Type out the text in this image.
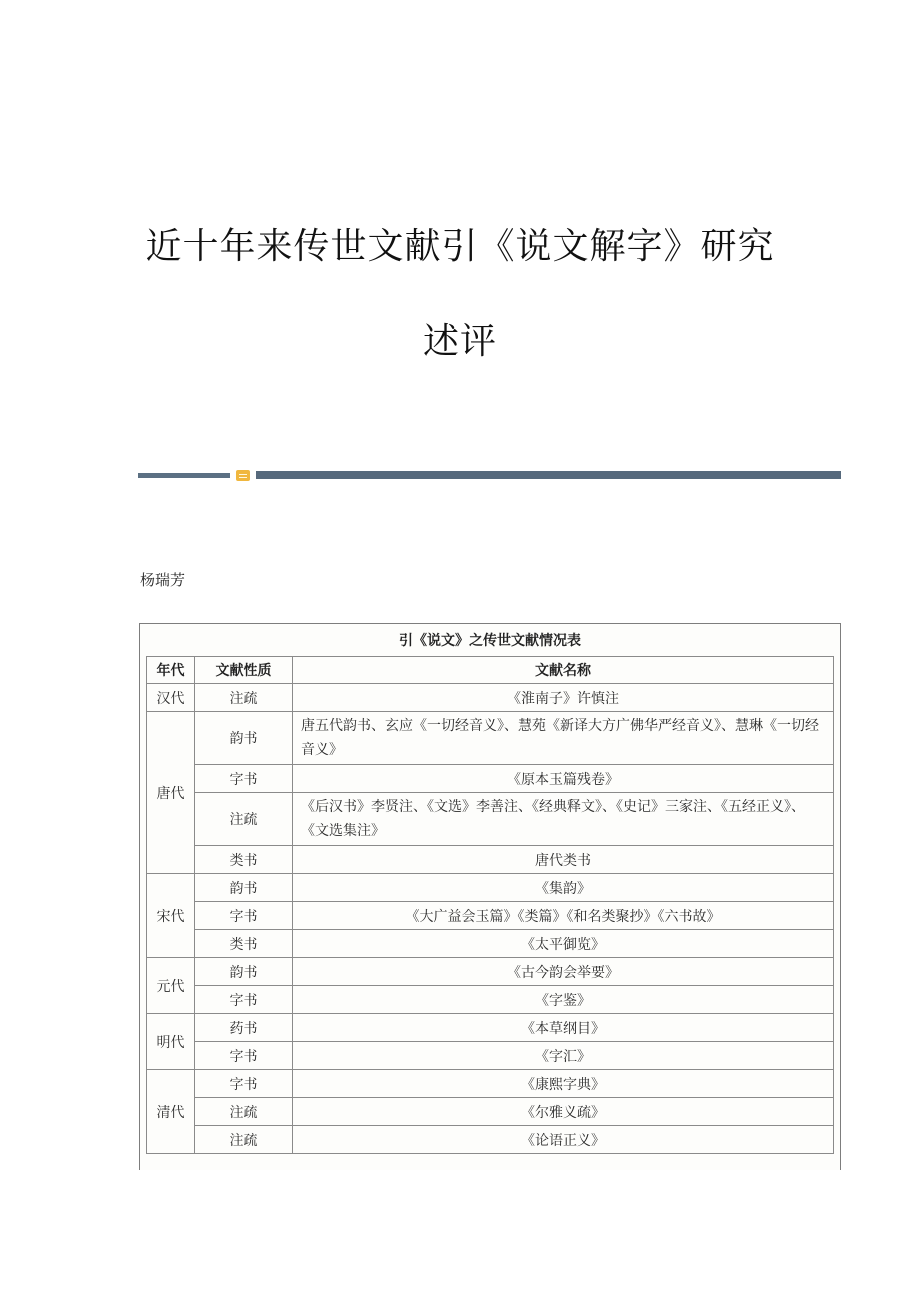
近十年来传世文献引《说文解字》研究
述评
杨瑞芳
引《说文》之传世文献情况表
年代	文献性质	文献名称
汉代	注疏	《淮南子》许慎注
唐代	韵书	唐五代韵书、玄应《一切经音义》、慧苑《新译大方广佛华严经音义》、慧琳《一切经音义》
	字书	《原本玉篇残卷》
	注疏	《后汉书》李贤注、《文选》李善注、《经典释文》、《史记》三家注、《五经正义》、《文选集注》
	类书	唐代类书
宋代	韵书	《集韵》
	字书	《大广益会玉篇》《类篇》《和名类聚抄》《六书故》
	类书	《太平御览》
元代	韵书	《古今韵会举要》
	字书	《字鉴》
明代	药书	《本草纲目》
	字书	《字汇》
清代	字书	《康熙字典》
	注疏	《尔雅义疏》
	注疏	《论语正义》
